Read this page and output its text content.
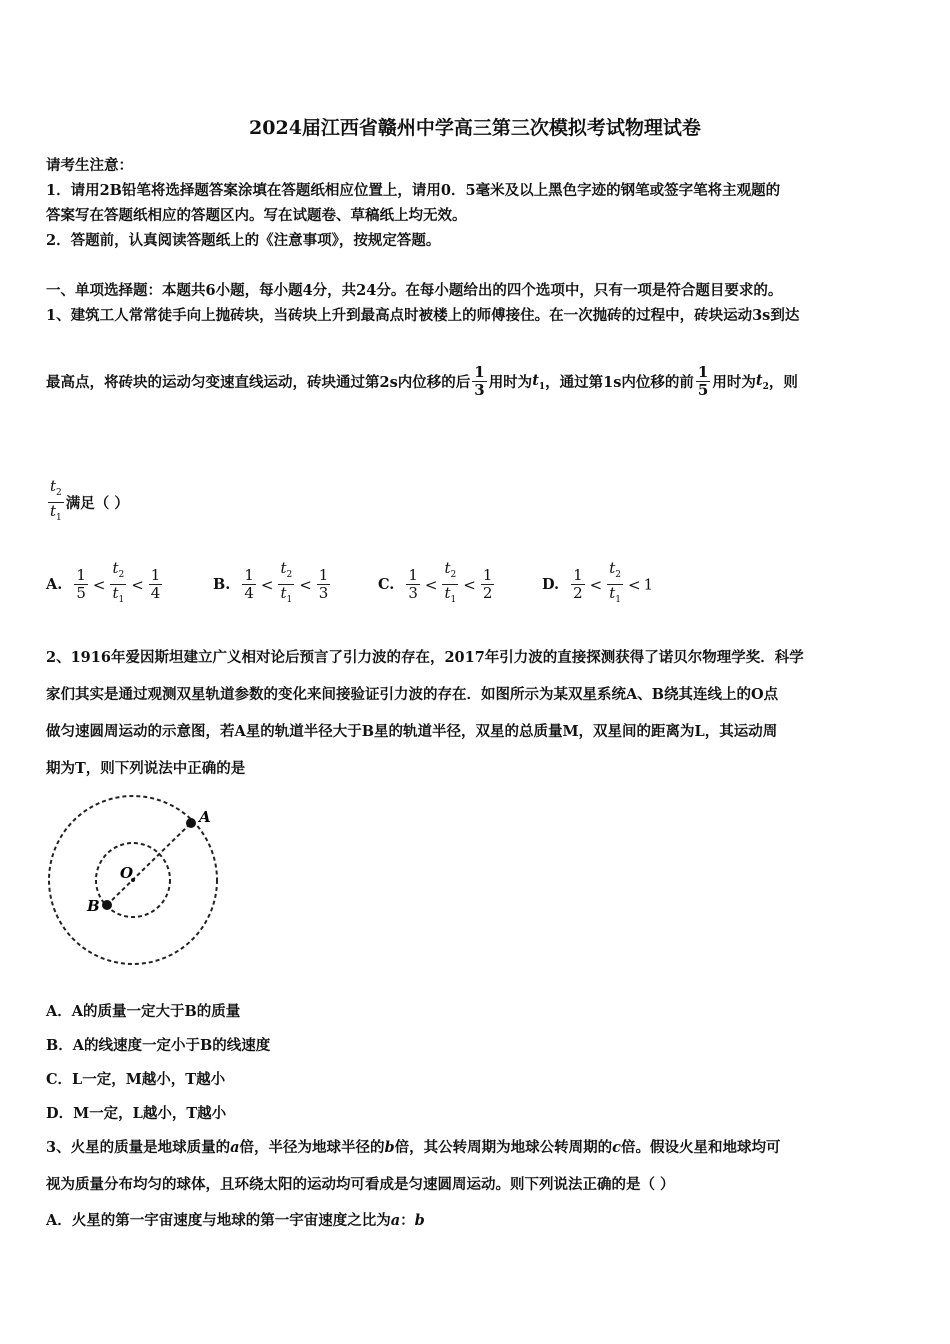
2024届江西省赣州中学高三第三次模拟考试物理试卷
请考生注意：
1．请用2B铅笔将选择题答案涂填在答题纸相应位置上，请用0．5毫米及以上黑色字迹的钢笔或签字笔将主观题的
答案写在答题纸相应的答题区内。写在试题卷、草稿纸上均无效。
2．答题前，认真阅读答题纸上的《注意事项》，按规定答题。
一、单项选择题：本题共6小题，每小题4分，共24分。在每小题给出的四个选项中，只有一项是符合题目要求的。
1、建筑工人常常徒手向上抛砖块，当砖块上升到最高点时被楼上的师傅接住。在一次抛砖的过程中，砖块运动3s到达
最高点，将砖块的运动匀变速直线运动，砖块通过第2s内位移的后 $\frac{1}{3}$ 用时为$t_1$，通过第1s内位移的前 $\frac{1}{5}$ 用时为$t_2$，则
$\frac{t_2}{t_1}$ 满足（ ）
A. $\frac{1}{5} < \frac{t_2}{t_1} < \frac{1}{4}$	B. $\frac{1}{4} < \frac{t_2}{t_1} < \frac{1}{3}$	C. $\frac{1}{3} < \frac{t_2}{t_1} < \frac{1}{2}$	D. $\frac{1}{2} < \frac{t_2}{t_1} < 1$
2、1916年爱因斯坦建立广义相对论后预言了引力波的存在，2017年引力波的直接探测获得了诺贝尔物理学奖．科学
家们其实是通过观测双星轨道参数的变化来间接验证引力波的存在．如图所示为某双星系统A、B绕其连线上的O点
做匀速圆周运动的示意图，若A星的轨道半径大于B星的轨道半径，双星的总质量M，双星间的距离为L，其运动周
期为T，则下列说法中正确的是
A
B
O
A．A的质量一定大于B的质量
B．A的线速度一定小于B的线速度
C．L一定，M越小，T越小
D．M一定，L越小，T越小
3、火星的质量是地球质量的a倍，半径为地球半径的b倍，其公转周期为地球公转周期的c倍。假设火星和地球均可
视为质量分布均匀的球体，且环绕太阳的运动均可看成是匀速圆周运动。则下列说法正确的是（ ）
A．火星的第一宇宙速度与地球的第一宇宙速度之比为a：b
